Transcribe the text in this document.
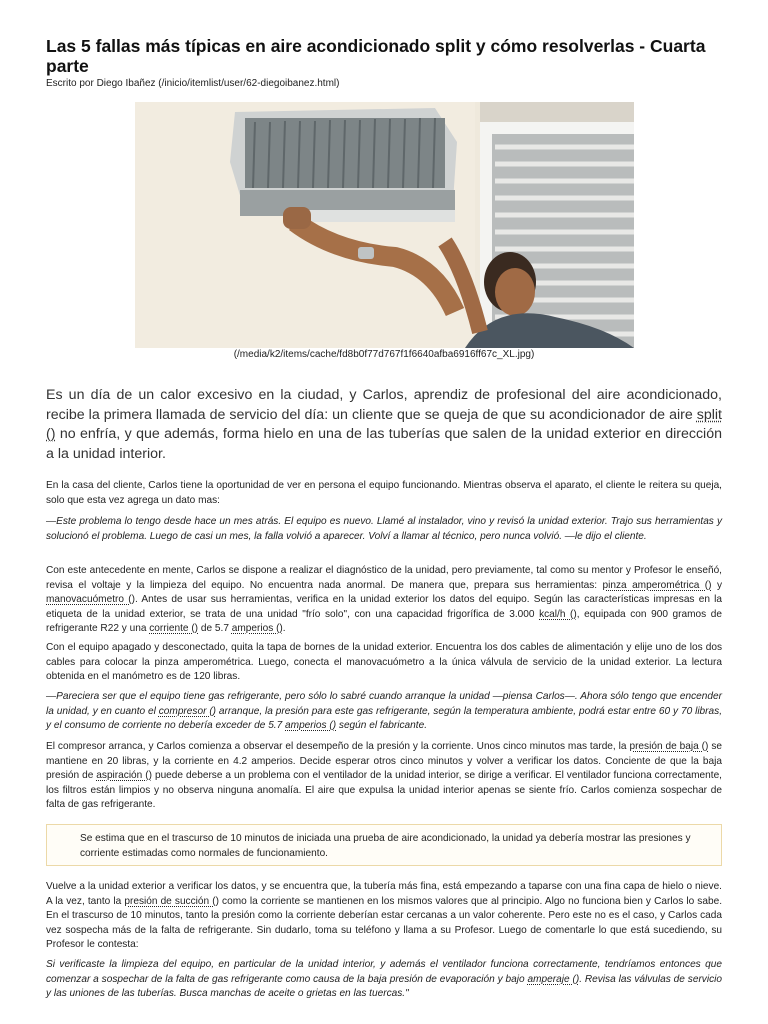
Las 5 fallas más típicas en aire acondicionado split y cómo resolverlas - Cuarta parte
Escrito por Diego Ibañez (/inicio/itemlist/user/62-diegoibanez.html)
(/media/k2/items/cache/fd8b0f77d767f1f6640afba6916ff67c_XL.jpg)

Es un día de un calor excesivo en la ciudad, y Carlos, aprendiz de profesional del aire acondicionado, recibe la primera llamada de servicio del día: un cliente que se queja de que su acondicionador de aire split () no enfría, y que además, forma hielo en una de las tuberías que salen de la unidad exterior en dirección a la unidad interior.

En la casa del cliente, Carlos tiene la oportunidad de ver en persona el equipo funcionando. Mientras observa el aparato, el cliente le reitera su queja, solo que esta vez agrega un dato mas:

—Este problema lo tengo desde hace un mes atrás. El equipo es nuevo. Llamé al instalador, vino y revisó la unidad exterior. Trajo sus herramientas y solucionó el problema. Luego de casi un mes, la falla volvió a aparecer. Volví a llamar al técnico, pero nunca volvió. —le dijo el cliente.

Con este antecedente en mente, Carlos se dispone a realizar el diagnóstico de la unidad, pero previamente, tal como su mentor y Profesor le enseñó, revisa el voltaje y la limpieza del equipo. No encuentra nada anormal. De manera que, prepara sus herramientas: pinza amperométrica () y manovacuómetro (). Antes de usar sus herramientas, verifica en la unidad exterior los datos del equipo. Según las características impresas en la etiqueta de la unidad exterior, se trata de una unidad "frío solo", con una capacidad frigorífica de 3.000 kcal/h (), equipada con 900 gramos de refrigerante R22 y una corriente () de 5.7 amperios ().

Con el equipo apagado y desconectado, quita la tapa de bornes de la unidad exterior. Encuentra los dos cables de alimentación y elije uno de los dos cables para colocar la pinza amperométrica. Luego, conecta el manovacuómetro a la única válvula de servicio de la unidad exterior. La lectura obtenida en el manómetro es de 120 libras.

—Pareciera ser que el equipo tiene gas refrigerante, pero sólo lo sabré cuando arranque la unidad —piensa Carlos—. Ahora sólo tengo que encender la unidad, y en cuanto el compresor () arranque, la presión para este gas refrigerante, según la temperatura ambiente, podrá estar entre 60 y 70 libras, y el consumo de corriente no debería exceder de 5.7 amperios () según el fabricante.

El compresor arranca, y Carlos comienza a observar el desempeño de la presión y la corriente. Unos cinco minutos mas tarde, la presión de baja () se mantiene en 20 libras, y la corriente en 4.2 amperios. Decide esperar otros cinco minutos y volver a verificar los datos. Conciente de que la baja presión de aspiración () puede deberse a un problema con el ventilador de la unidad interior, se dirige a verificar. El ventilador funciona correctamente, los filtros están limpios y no observa ninguna anomalía. El aire que expulsa la unidad interior apenas se siente frío. Carlos comienza sospechar de falta de gas refrigerante.

Se estima que en el trascurso de 10 minutos de iniciada una prueba de aire acondicionado, la unidad ya debería mostrar las presiones y corriente estimadas como normales de funcionamiento.

Vuelve a la unidad exterior a verificar los datos, y se encuentra que, la tubería más fina, está empezando a taparse con una fina capa de hielo o nieve. A la vez, tanto la presión de succión () como la corriente se mantienen en los mismos valores que al principio. Algo no funciona bien y Carlos lo sabe. En el trascurso de 10 minutos, tanto la presión como la corriente deberían estar cercanas a un valor coherente. Pero este no es el caso, y Carlos cada vez sospecha más de la falta de refrigerante. Sin dudarlo, toma su teléfono y llama a su Profesor. Luego de comentarle lo que está sucediendo, su Profesor le contesta:

Si verificaste la limpieza del equipo, en particular de la unidad interior, y además el ventilador funciona correctamente, tendríamos entonces que comenzar a sospechar de la falta de gas refrigerante como causa de la baja presión de evaporación y bajo amperaje (). Revisa las válvulas de servicio y las uniones de las tuberías. Busca manchas de aceite o grietas en las tuercas."
